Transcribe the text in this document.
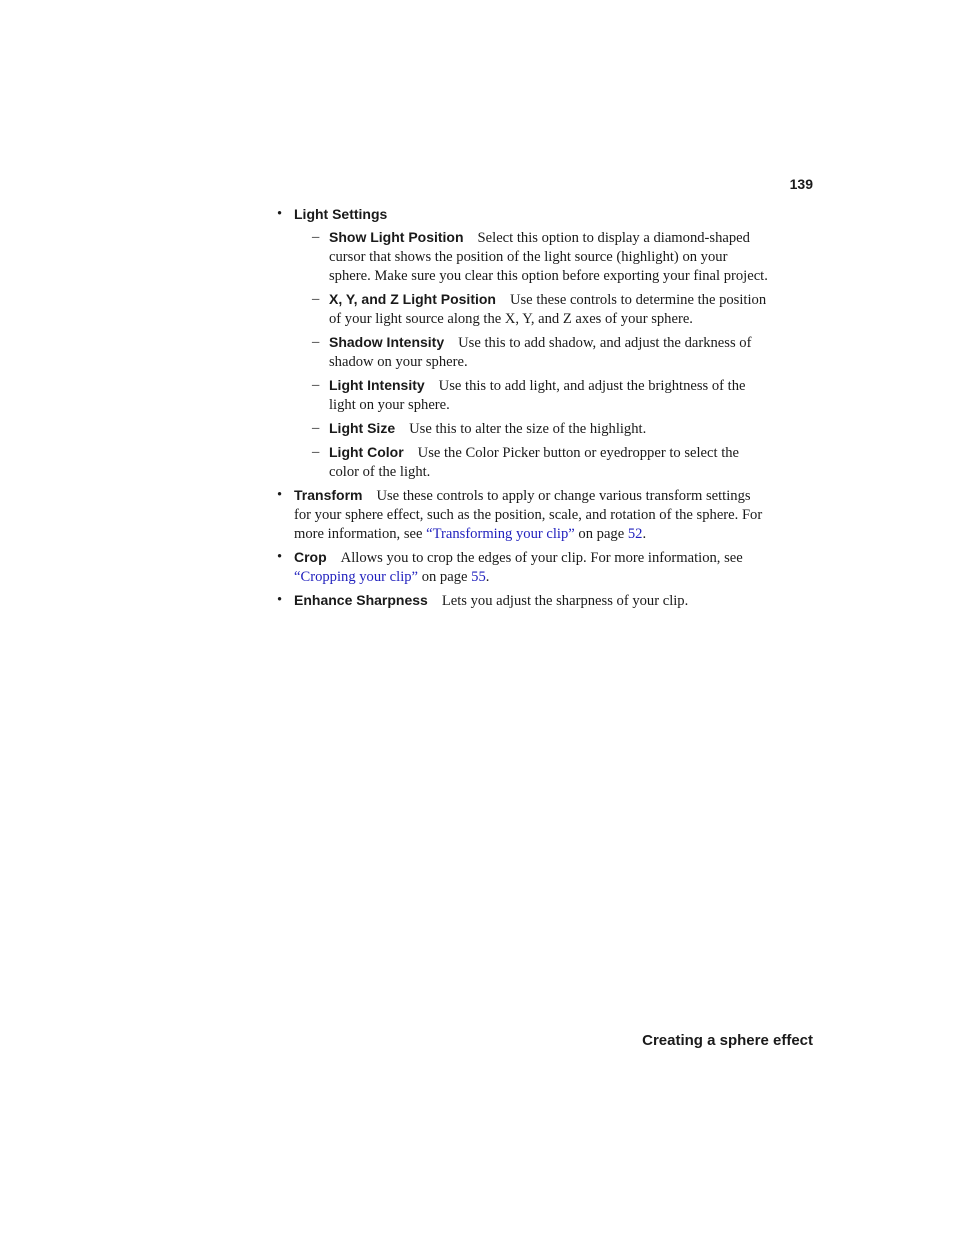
139
• Light Settings
– Show Light Position Select this option to display a diamond-shaped cursor that shows the position of the light source (highlight) on your sphere. Make sure you clear this option before exporting your final project.
– X, Y, and Z Light Position Use these controls to determine the position of your light source along the X, Y, and Z axes of your sphere.
– Shadow Intensity Use this to add shadow, and adjust the darkness of shadow on your sphere.
– Light Intensity Use this to add light, and adjust the brightness of the light on your sphere.
– Light Size Use this to alter the size of the highlight.
– Light Color Use the Color Picker button or eyedropper to select the color of the light.
• Transform Use these controls to apply or change various transform settings for your sphere effect, such as the position, scale, and rotation of the sphere. For more information, see “Transforming your clip” on page 52.
• Crop Allows you to crop the edges of your clip. For more information, see “Cropping your clip” on page 55.
• Enhance Sharpness Lets you adjust the sharpness of your clip.
Creating a sphere effect
